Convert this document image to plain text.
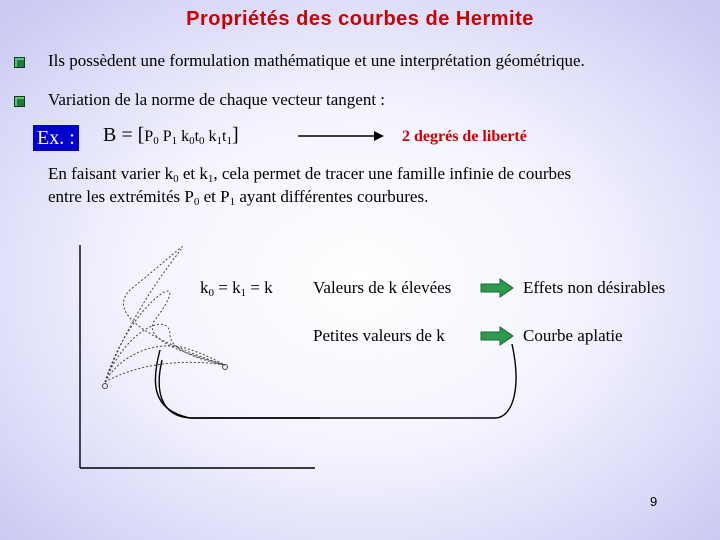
Propriétés des courbes de Hermite
Ils possèdent une formulation mathématique et une interprétation géométrique.
Variation de la norme de chaque vecteur tangent :
Ex. : $B = [P_0$ $P_1$ $k_0t_0$ $k_1t_1$]	2 degrés de liberté
En faisant varier $k_0$ et $k_1$, cela permet de tracer une famille infinie de courbes
entre les extrémités $P_0$ et $P_1$ ayant différentes courbures.
$k_0 = k_1 = k$ Valeurs de k élevées	Effets non désirables
Petites valeurs de k	Courbe aplatie
9
